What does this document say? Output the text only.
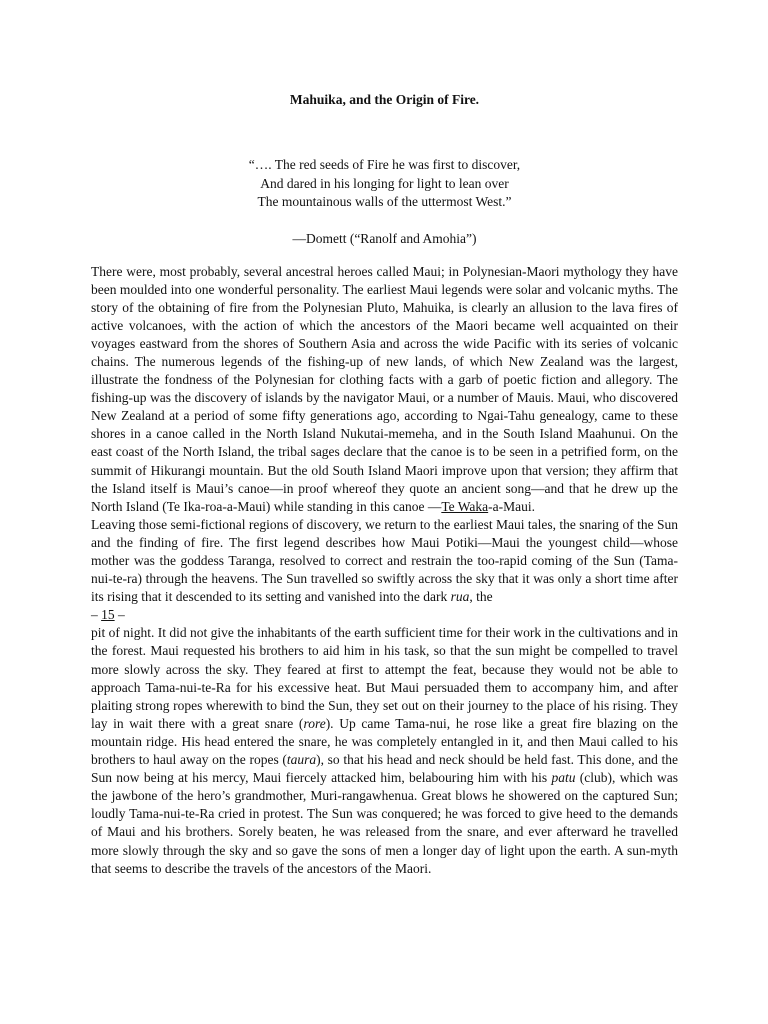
Mahuika, and the Origin of Fire.
“…. The red seeds of Fire he was first to discover,
And dared in his longing for light to lean over
The mountainous walls of the uttermost West.”
—Domett (“Ranolf and Amohia”)

There were, most probably, several ancestral heroes called Maui; in Polynesian-Maori mythology they have been moulded into one wonderful personality. The earliest Maui legends were solar and volcanic myths. The story of the obtaining of fire from the Polynesian Pluto, Mahuika, is clearly an allusion to the lava fires of active volcanoes, with the action of which the ancestors of the Maori became well acquainted on their voyages eastward from the shores of Southern Asia and across the wide Pacific with its series of volcanic chains. The numerous legends of the fishing-up of new lands, of which New Zealand was the largest, illustrate the fondness of the Polynesian for clothing facts with a garb of poetic fiction and allegory. The fishing-up was the discovery of islands by the navigator Maui, or a number of Mauis. Maui, who discovered New Zealand at a period of some fifty generations ago, according to Ngai-Tahu genealogy, came to these shores in a canoe called in the North Island Nukutai-memeha, and in the South Island Maahunui. On the east coast of the North Island, the tribal sages declare that the canoe is to be seen in a petrified form, on the summit of Hikurangi mountain. But the old South Island Maori improve upon that version; they affirm that the Island itself is Maui’s canoe—in proof whereof they quote an ancient song—and that he drew up the North Island (Te Ika-roa-a-Maui) while standing in this canoe —Te Waka-a-Maui.

Leaving those semi-fictional regions of discovery, we return to the earliest Maui tales, the snaring of the Sun and the finding of fire. The first legend describes how Maui Potiki—Maui the youngest child—whose mother was the goddess Taranga, resolved to correct and restrain the too-rapid coming of the Sun (Tama-nui-te-ra) through the heavens. The Sun travelled so swiftly across the sky that it was only a short time after its rising that it descended to its setting and vanished into the dark rua, the

– 15 –

pit of night. It did not give the inhabitants of the earth sufficient time for their work in the cultivations and in the forest. Maui requested his brothers to aid him in his task, so that the sun might be compelled to travel more slowly across the sky. They feared at first to attempt the feat, because they would not be able to approach Tama-nui-te-Ra for his excessive heat. But Maui persuaded them to accompany him, and after plaiting strong ropes wherewith to bind the Sun, they set out on their journey to the place of his rising. They lay in wait there with a great snare (rore). Up came Tama-nui, he rose like a great fire blazing on the mountain ridge. His head entered the snare, he was completely entangled in it, and then Maui called to his brothers to haul away on the ropes (taura), so that his head and neck should be held fast. This done, and the Sun now being at his mercy, Maui fiercely attacked him, belabouring him with his patu (club), which was the jawbone of the hero’s grandmother, Muri-rangawhenua. Great blows he showered on the captured Sun; loudly Tama-nui-te-Ra cried in protest. The Sun was conquered; he was forced to give heed to the demands of Maui and his brothers. Sorely beaten, he was released from the snare, and ever afterward he travelled more slowly through the sky and so gave the sons of men a longer day of light upon the earth. A sun-myth that seems to describe the travels of the ancestors of the Maori.
